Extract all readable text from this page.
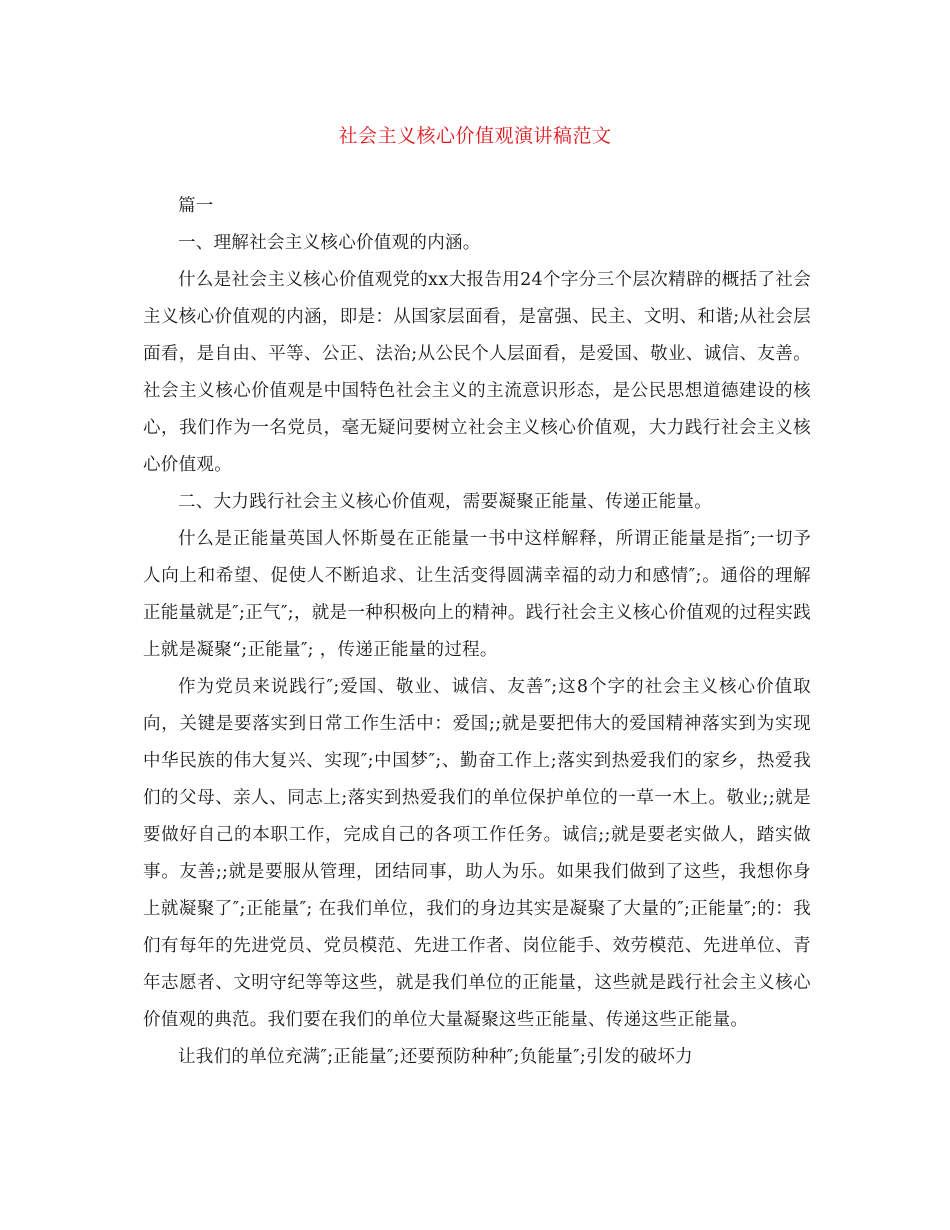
社会主义核心价值观演讲稿范文

篇一

一、理解社会主义核心价值观的内涵。

什么是社会主义核心价值观党的xx大报告用24个字分三个层次精辟的概括了社会主义核心价值观的内涵，即是：从国家层面看，是富强、民主、文明、和谐;从社会层面看，是自由、平等、公正、法治;从公民个人层面看，是爱国、敬业、诚信、友善。社会主义核心价值观是中国特色社会主义的主流意识形态，是公民思想道德建设的核心，我们作为一名党员，毫无疑问要树立社会主义核心价值观，大力践行社会主义核心价值观。

二、大力践行社会主义核心价值观，需要凝聚正能量、传递正能量。

什么是正能量英国人怀斯曼在正能量一书中这样解释，所谓正能量是指″;一切予人向上和希望、促使人不断追求、让生活变得圆满幸福的动力和感情″;。通俗的理解正能量就是″;正气″;，就是一种积极向上的精神。践行社会主义核心价值观的过程实践上就是凝聚“;正能量″; ，传递正能量的过程。

作为党员来说践行″;爱国、敬业、诚信、友善″;这8个字的社会主义核心价值取向，关键是要落实到日常工作生活中：爱国;;就是要把伟大的爱国精神落实到为实现中华民族的伟大复兴、实现″;中国梦″;、勤奋工作上;落实到热爱我们的家乡，热爱我们的父母、亲人、同志上;落实到热爱我们的单位保护单位的一草一木上。敬业;;就是要做好自己的本职工作，完成自己的各项工作任务。诚信;;就是要老实做人，踏实做事。友善;;就是要服从管理，团结同事，助人为乐。如果我们做到了这些，我想你身上就凝聚了″;正能量″; 在我们单位，我们的身边其实是凝聚了大量的″;正能量″;的：我们有每年的先进党员、党员模范、先进工作者、岗位能手、效劳模范、先进单位、青年志愿者、文明守纪等等这些，就是我们单位的正能量，这些就是践行社会主义核心价值观的典范。我们要在我们的单位大量凝聚这些正能量、传递这些正能量。

让我们的单位充满″;正能量″;还要预防种种″;负能量″;引发的破坏力
